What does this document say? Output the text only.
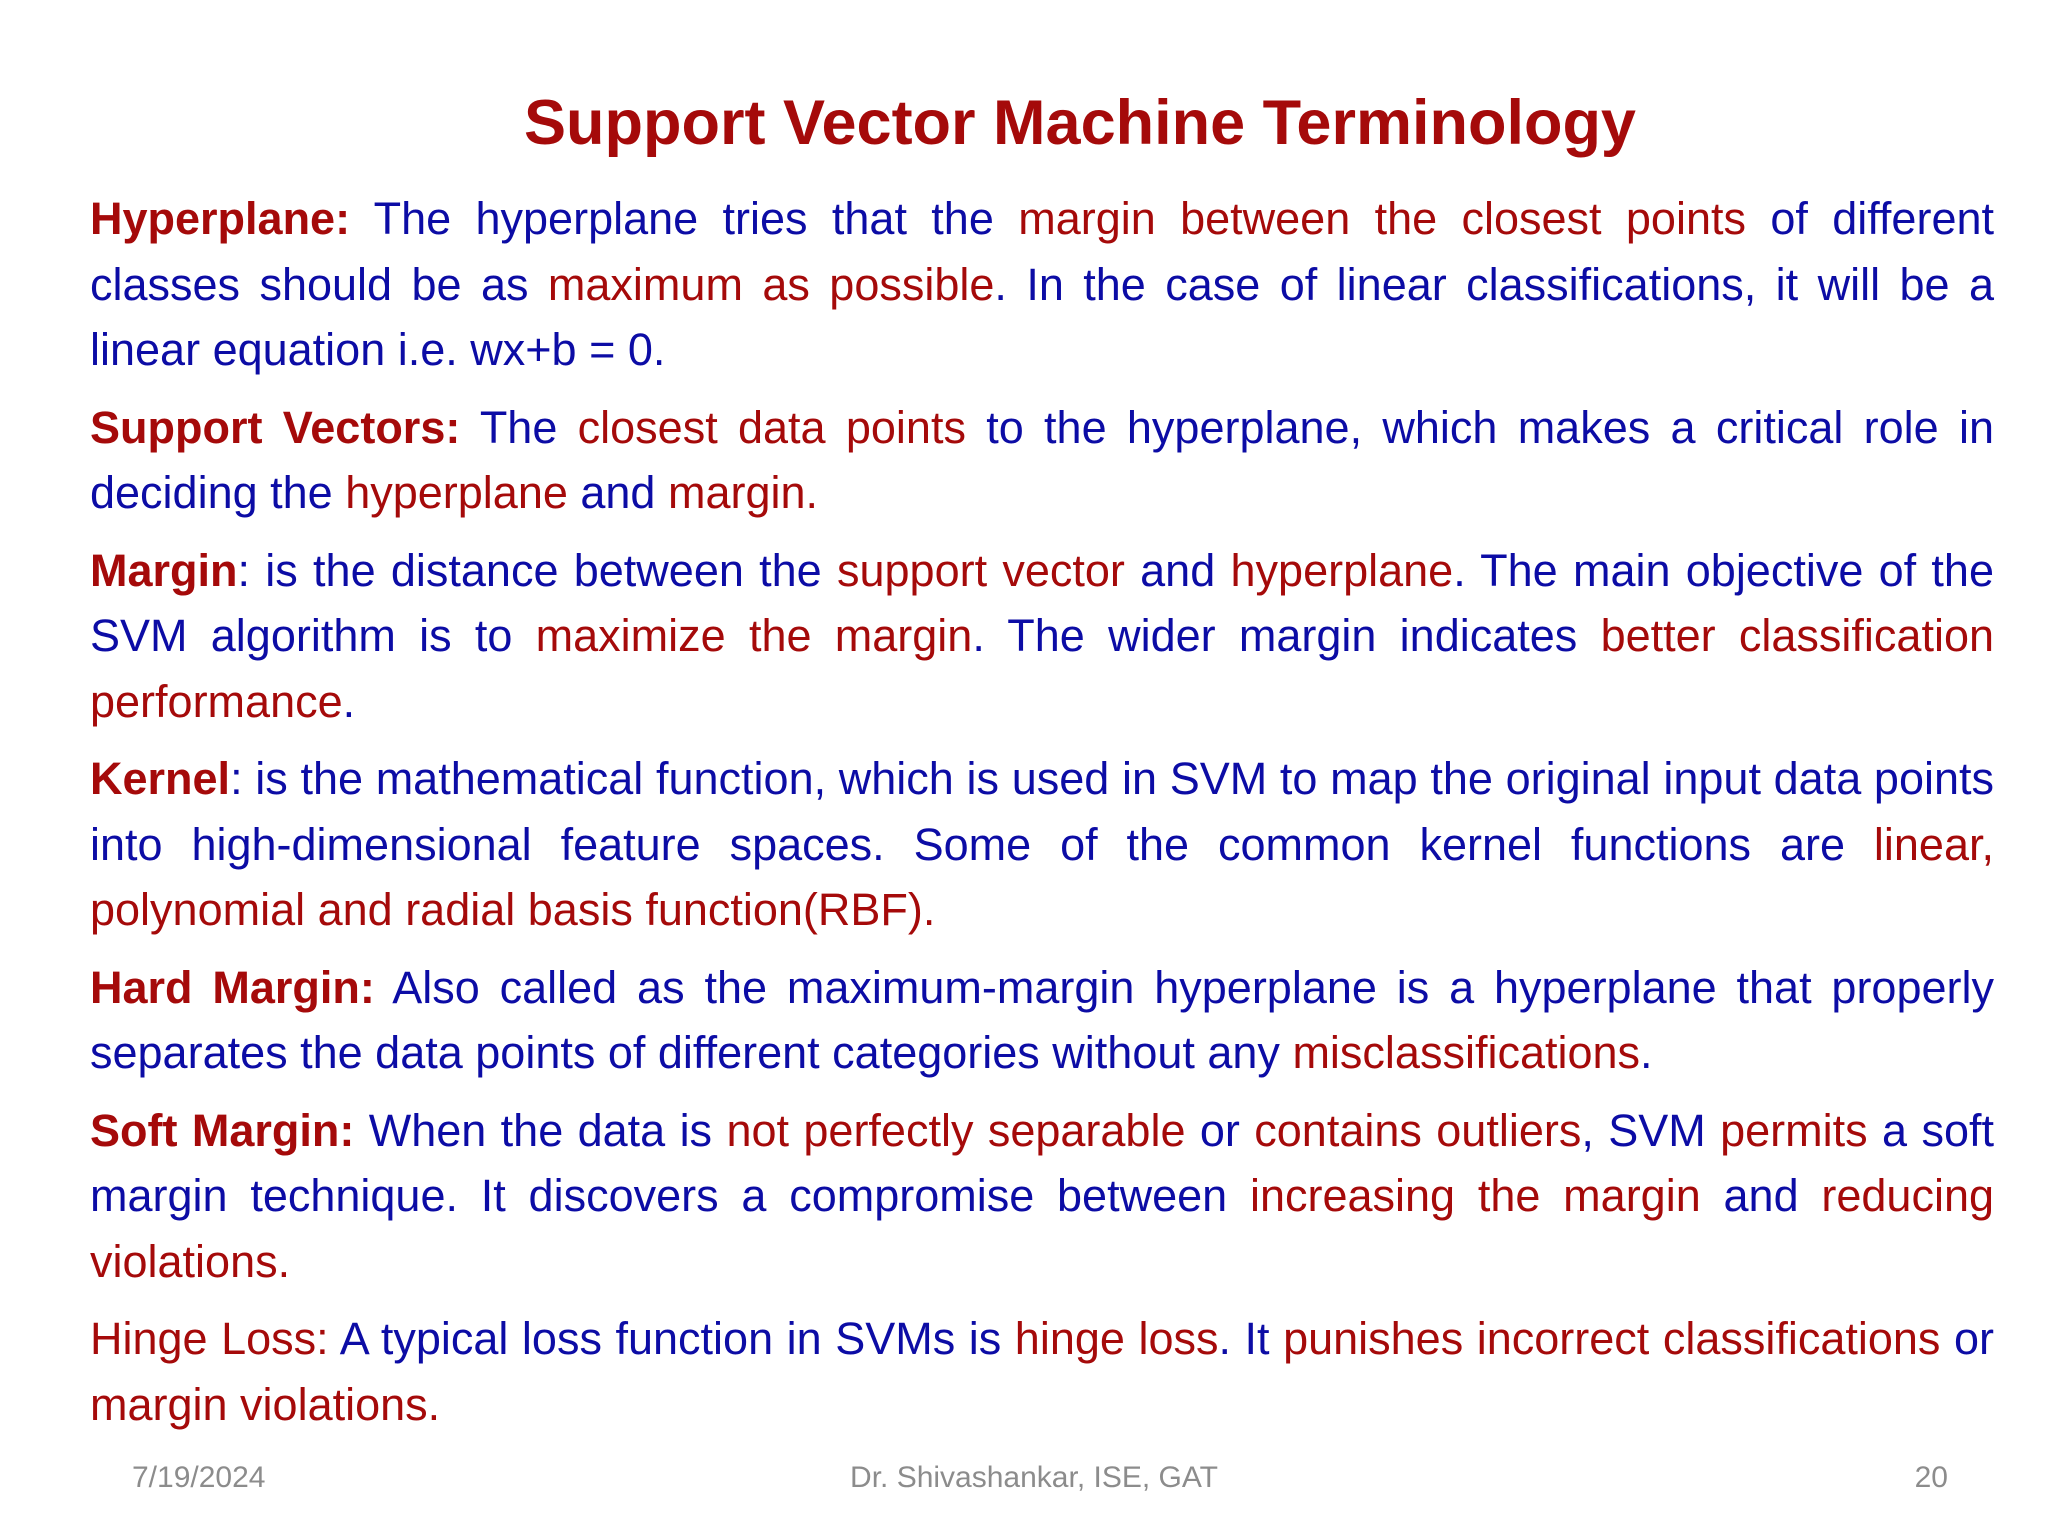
Support Vector Machine Terminology

Hyperplane: The hyperplane tries that the margin between the closest points of different classes should be as maximum as possible. In the case of linear classifications, it will be a linear equation i.e. wx+b = 0.

Support Vectors: The closest data points to the hyperplane, which makes a critical role in deciding the hyperplane and margin.

Margin: is the distance between the support vector and hyperplane. The main objective of the SVM algorithm is to maximize the margin. The wider margin indicates better classification performance.

Kernel: is the mathematical function, which is used in SVM to map the original input data points into high-dimensional feature spaces. Some of the common kernel functions are linear, polynomial and radial basis function(RBF).

Hard Margin: Also called as the maximum-margin hyperplane is a hyperplane that properly separates the data points of different categories without any misclassifications.

Soft Margin: When the data is not perfectly separable or contains outliers, SVM permits a soft margin technique. It discovers a compromise between increasing the margin and reducing violations.

Hinge Loss: A typical loss function in SVMs is hinge loss. It punishes incorrect classifications or margin violations.

7/19/2024	Dr. Shivashankar, ISE, GAT	20
